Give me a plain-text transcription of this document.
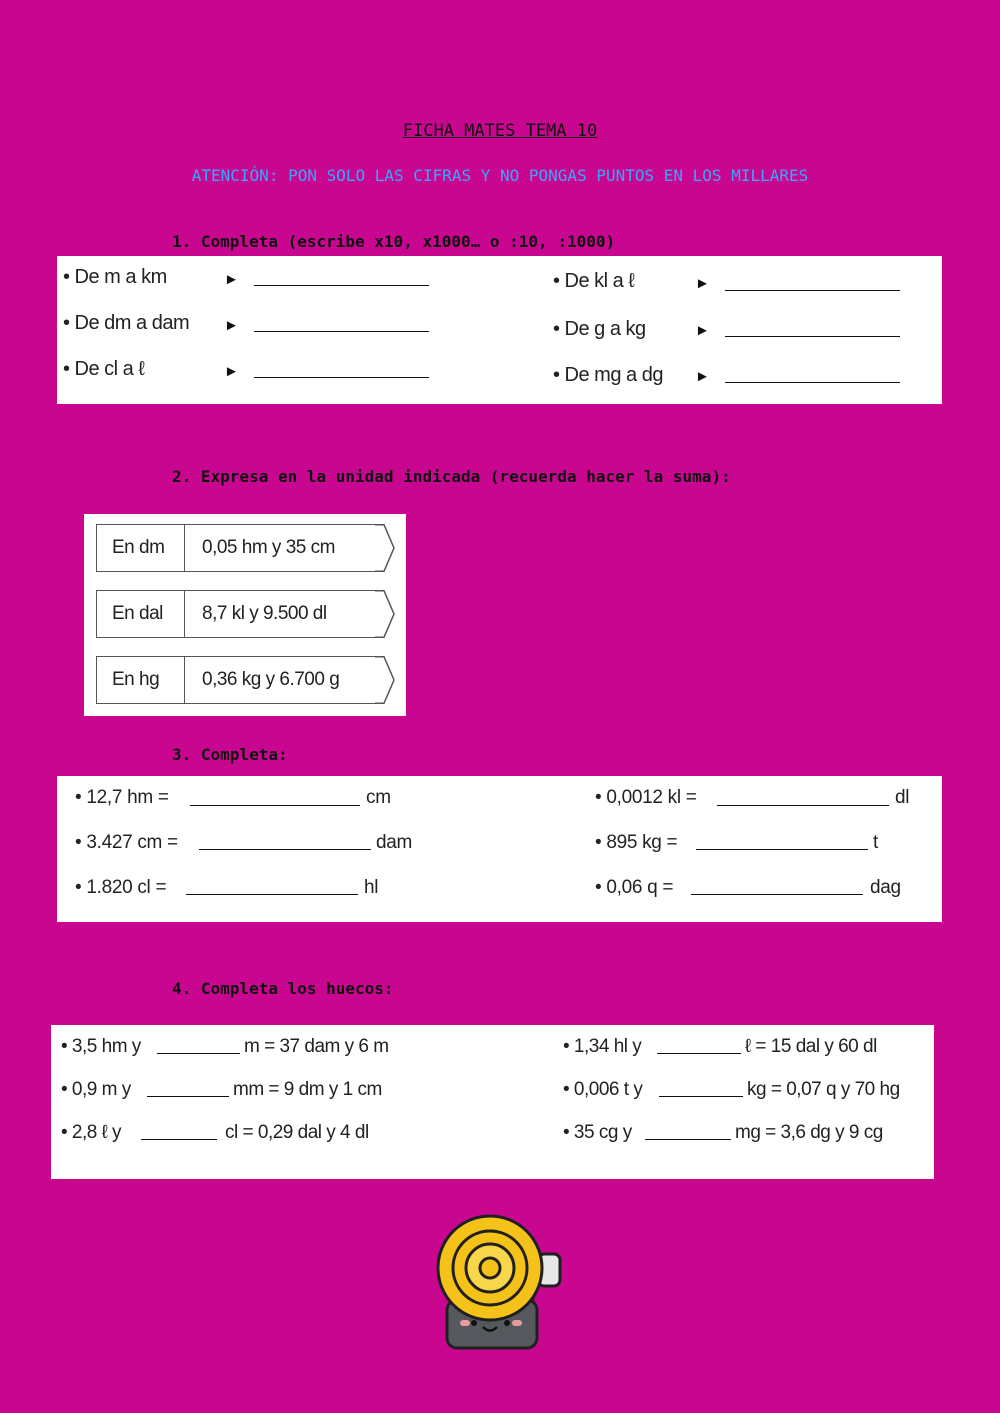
FICHA MATES TEMA 10
ATENCIÓN: PON SOLO LAS CIFRAS Y NO PONGAS PUNTOS EN LOS MILLARES
1. Completa (escribe x10, x1000… o :10, :1000)
• De m a km	►
• De dm a dam ►
• De cl a ℓ	►
• De kl a ℓ	►
• De g a kg	►
• De mg a dg ►
2. Expresa en la unidad indicada (recuerda hacer la suma):
En dm 0,05 hm y 35 cm
En dal 8,7 kl y 9.500 dl
En hg 0,36 kg y 6.700 g
3. Completa:
• 12,7 hm =	cm
• 3.427 cm =	dam
• 1.820 cl =	hl
• 0,0012 kl =	dl
• 895 kg =	t
• 0,06 q =	dag
4. Completa los huecos:
• 3,5 hm y	m = 37 dam y 6 m
• 0,9 m y	mm = 9 dm y 1 cm
• 2,8 ℓ y	cl = 0,29 dal y 4 dl
• 1,34 hl y	ℓ = 15 dal y 60 dl
• 0,006 t y	kg = 0,07 q y 70 hg
• 35 cg y	mg = 3,6 dg y 9 cg
